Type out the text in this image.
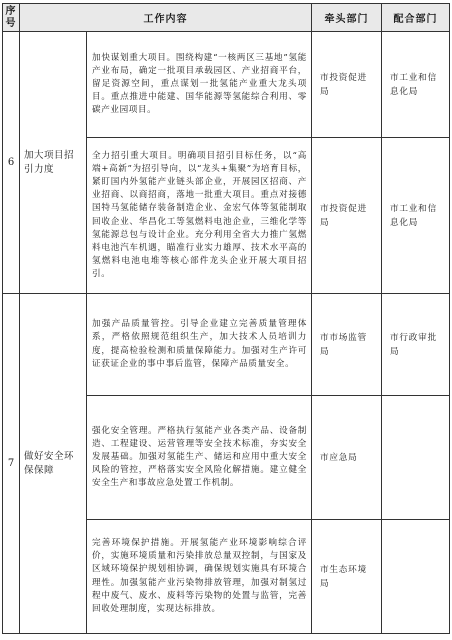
序号	工作内容		牵头部门	配合部门
6	加大项目招引力度	加快谋划重大项目。围绕构建“一核两区三基地”氢能产业布局，确定一批项目承载园区、产业招商平台，留足资源空间，重点谋划一批氢能产业重大龙头项目。重点推进中能建、国华能源等氢能综合利用、零碳产业园项目。	市投资促进局	市工业和信息化局
		全力招引重大项目。明确项目招引目标任务，以“高端+高新”为招引导向，以“龙头+集聚”为培育目标，紧盯国内外氢能产业链头部企业，开展园区招商、产业招商、以商招商，落地一批重大项目。重点对接德国特马氢能储存装备制造企业、金宏气体等氢能制取回收企业、华昌化工等氢燃料电池企业，三维化学等氢能源总包与设计企业。充分利用全省大力推广氢燃料电池汽车机遇，瞄准行业实力雄厚、技术水平高的氢燃料电池电堆等核心部件龙头企业开展大项目招引。	市投资促进局	市工业和信息化局
7	做好安全环保保障	加强产品质量管控。引导企业建立完善质量管理体系，严格依照规范组织生产，加大技术人员培训力度，提高检验检测和质量保障能力。加强对生产许可证获证企业的事中事后监管，保障产品质量安全。	市市场监管局	市行政审批局
		强化安全管理。严格执行氢能产业各类产品、设备制造、工程建设、运营管理等安全技术标准，夯实安全发展基础。加强对氢能生产、储运和应用中重大安全风险的管控，严格落实安全风险化解措施。建立健全安全生产和事故应急处置工作机制。	市应急局	
		完善环境保护措施。开展氢能产业环境影响综合评价，实施环境质量和污染排放总量双控制，与国家及区域环境保护规划相协调，确保规划实施具有环境合理性。加强氢能产业污染物排放管理，加强对制氢过程中废气、废水、废料等污染物的处置与监管，完善回收处理制度，实现达标排放。	市生态环境局	
